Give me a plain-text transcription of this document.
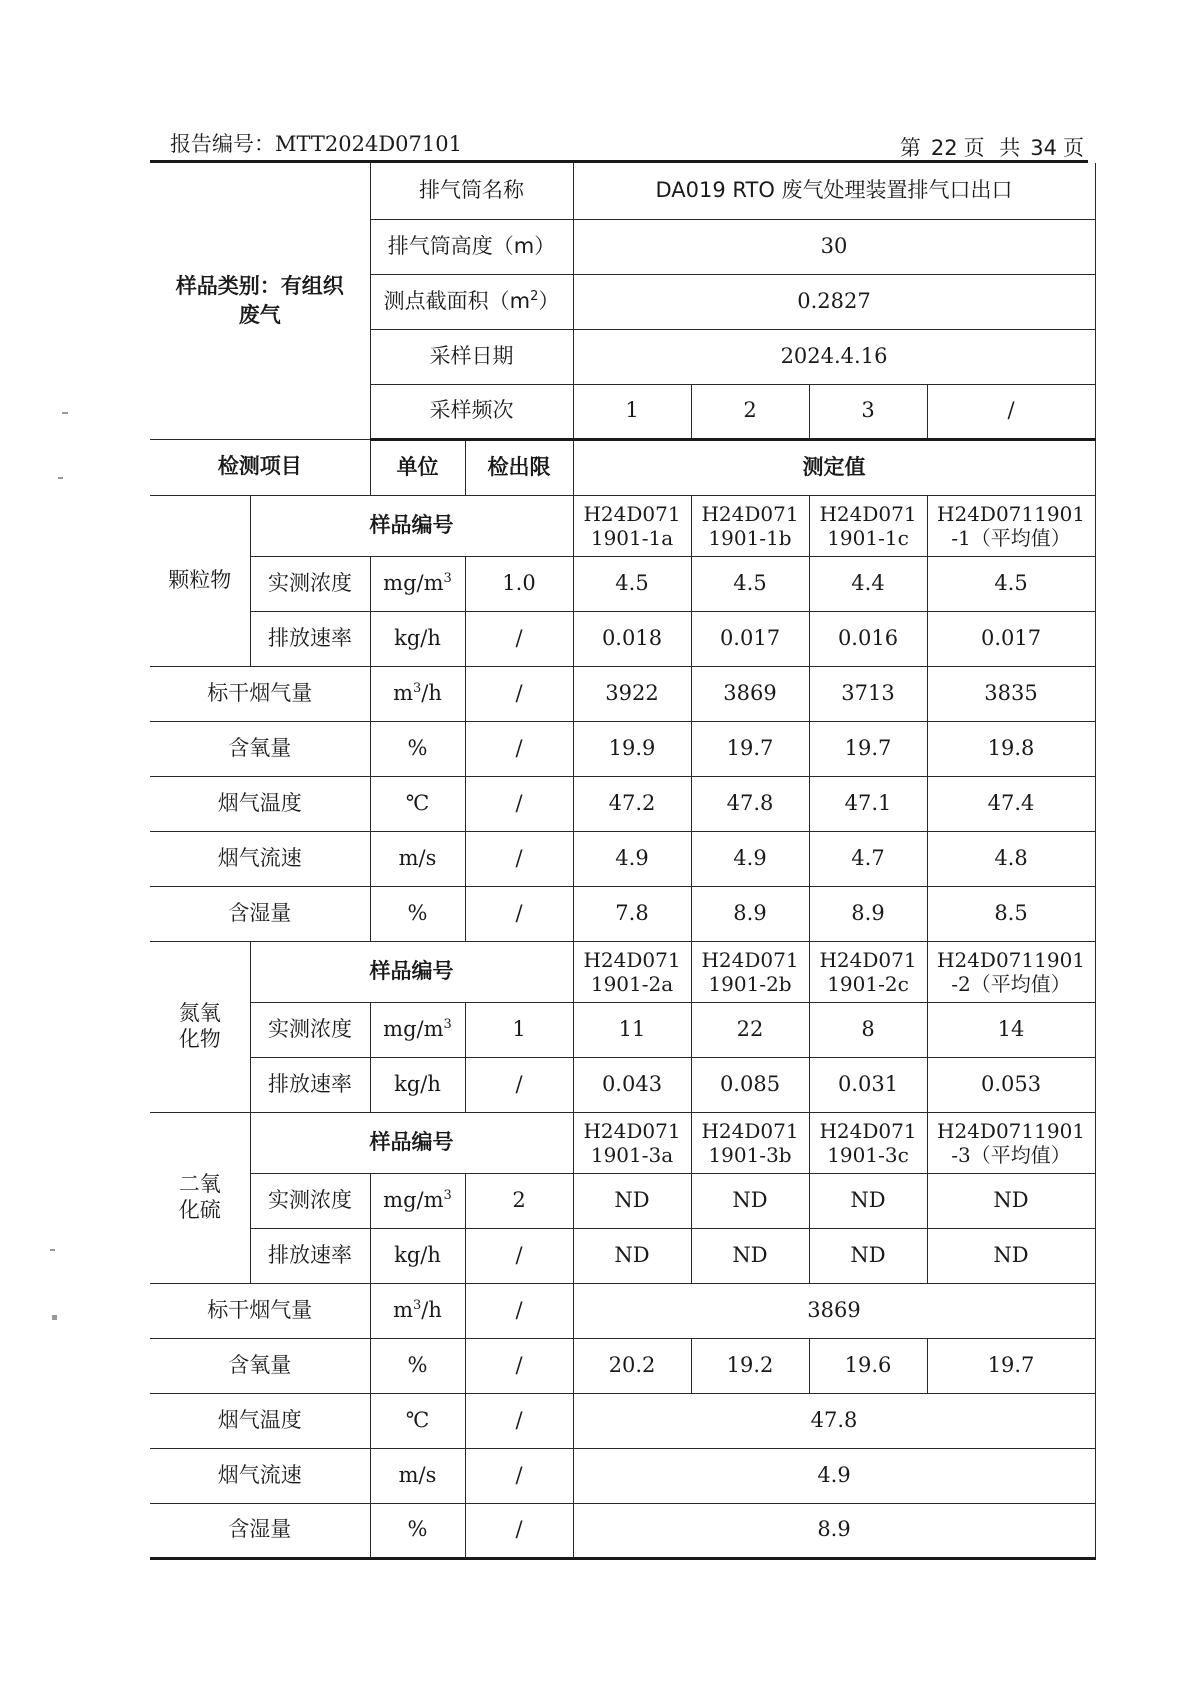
报告编号：MTT2024D07101	第 22 页 共 34 页
样品类别：有组织废气		排气筒名称		DA019 RTO 废气处理装置排气口出口			
		排气筒高度（m）		30			
		测点截面积$(m^2)$		0.2827			
		采样日期		2024.4.16			
		采样频次		1	2	3	/
检测项目		单位	检出限	测定值			
颗粒物	样品编号			H24D071 1901-1a	H24D071 1901-1b	H24D071 1901-1c	H24D0711901 -1（平均值）
	实测浓度	$mg/m^3$	1.0	4.5	4.5	4.4	4.5
	排放速率	kg/h	/	0.018	0.017	0.016	0.017
标干烟气量		$m^3/h$	/	3922	3869	3713	3835
含氧量		%	/	19.9	19.7	19.7	19.8
烟气温度		℃	/	47.2	47.8	47.1	47.4
烟气流速		m/s	/	4.9	4.9	4.7	4.8
含湿量		%	/	7.8	8.9	8.9	8.5
氮氧化物	样品编号			H24D071 1901-2a	H24D071 1901-2b	H24D071 1901-2c	H24D0711901 -2（平均值）
	实测浓度	$mg/m^3$	1	11	22	8	14
	排放速率	kg/h	/	0.043	0.085	0.031	0.053
二氧化硫	样品编号			H24D071 1901-3a	H24D071 1901-3b	H24D071 1901-3c	H24D0711901 -3（平均值）
	实测浓度	$mg/m^3$	2	ND	ND	ND	ND
	排放速率	kg/h	/	ND	ND	ND	ND
标干烟气量		$m^3/h$	/	3869			
含氧量		%	/	20.2	19.2	19.6	19.7
烟气温度		℃	/	47.8			
烟气流速		m/s	/	4.9			
含湿量		%	/	8.9			
